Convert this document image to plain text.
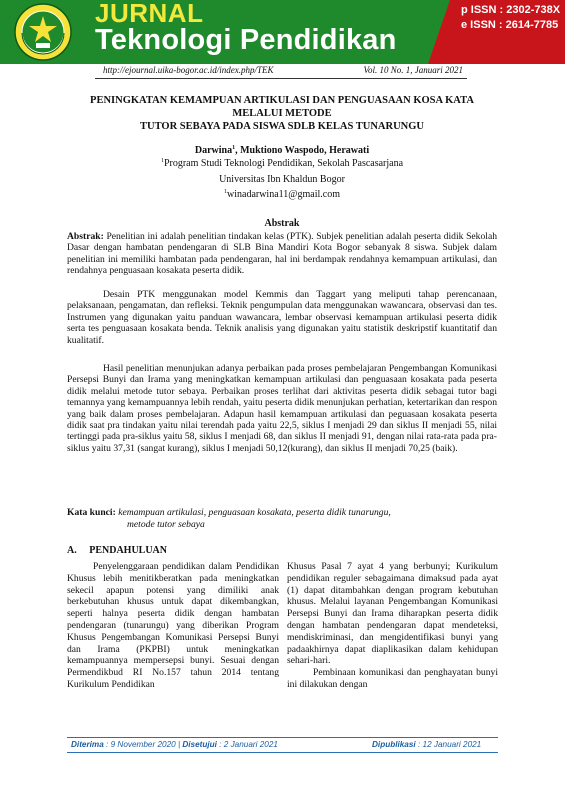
JURNAL
Teknologi Pendidikan
p ISSN : 2302-738X
e ISSN : 2614-7785
http://ejournal.uika-bogor.ac.id/index.php/TEK	Vol. 10 No. 1, Januari 2021
PENINGKATAN KEMAMPUAN ARTIKULASI DAN PENGUASAAN KOSA KATA
MELALUI METODE
TUTOR SEBAYA PADA SISWA SDLB KELAS TUNARUNGU
Darwina$^1$, Muktiono Waspodo, Herawati
$^1$Program Studi Teknologi Pendidikan, Sekolah Pascasarjana
Universitas Ibn Khaldun Bogor
$^1$winadarwina11@gmail.com
Abstrak

Abstrak: Penelitian ini adalah penelitian tindakan kelas (PTK). Subjek penelitian adalah peserta didik Sekolah Dasar dengan hambatan pendengaran di SLB Bina Mandiri Kota Bogor sebanyak 8 siswa. Subjek dalam penelitian ini memiliki hambatan pada pendengaran, hal ini berdampak rendahnya kemampuan artikulasi, dan rendahnya penguasaan kosakata peserta didik.

Desain PTK menggunakan model Kemmis dan Taggart yang meliputi tahap perencanaan, pelaksanaan, pengamatan, dan refleksi. Teknik pengumpulan data menggunakan wawancara, observasi dan tes. Instrumen yang digunakan yaitu panduan wawancara, lembar observasi kemampuan artikulasi peserta didik serta tes penguasaan kosakata benda. Teknik analisis yang digunakan yaitu statistik deskripstif kuantitatif dan kualitatif.

Hasil penelitian menunjukan adanya perbaikan pada proses pembelajaran Pengembangan Komunikasi Persepsi Bunyi dan Irama yang meningkatkan kemampuan artikulasi dan penguasaan kosakata pada peserta didik melalui metode tutor sebaya. Perbaikan proses terlihat dari aktivitas peserta didik sebagai tutor bagi temannya yang kemampuannya lebih rendah, yaitu peserta didik menunjukan perhatian, ketertarikan dan respon yang baik dalam proses pembelajaran. Adapun hasil kemampuan artikulasi dan peguasaan kosakata peserta didik saat pra tindakan yaitu nilai terendah pada yaitu 22,5, siklus I menjadi 29 dan siklus II menjadi 55, nilai tertinggi pada pra-siklus yaitu 58, siklus I menjadi 68, dan siklus II menjadi 91, dengan nilai rata-rata pada pra-siklus yaitu 37,31 (sangat kurang), siklus I menjadi 50,12(kurang), dan siklus II menjadi 70,25 (baik).

Kata kunci: kemampuan artikulasi, penguasaan kosakata, peserta didik tunarungu,
metode tutor sebaya
A.     PENDAHULUAN

Penyelenggaraan pendidikan dalam Pendidikan Khusus lebih menitikberatkan pada meningkatkan sekecil apapun potensi yang dimiliki anak berkebutuhan khusus untuk dapat dikembangkan, seperti halnya peserta didik dengan hambatan pendengaran (tunarungu) yang diberikan Program Khusus Pengembangan Komunikasi Persepsi Bunyi dan Irama (PKPBI) untuk meningkatkan kemampuannya mempersepsi bunyi. Sesuai dengan Permendikbud RI No.157 tahun 2014 tentang Kurikulum Pendidikan

Khusus Pasal 7 ayat 4 yang berbunyi; Kurikulum pendidikan reguler sebagaimana dimaksud pada ayat (1) dapat ditambahkan dengan program kebutuhan khusus. Melalui layanan Pengembangan Komunikasi Persepsi Bunyi dan Irama diharapkan peserta didik dengan hambatan pendengaran dapat mendeteksi, mendiskriminasi, dan mengidentifikasi bunyi yang padaakhirnya dapat diaplikasikan dalam kehidupan sehari-hari.
Pembinaan komunikasi dan penghayatan bunyi ini dilakukan dengan

Diterima : 9 November 2020 | Disetujui : 2 Januari 2021	Dipublikasi : 12 Januari 2021
